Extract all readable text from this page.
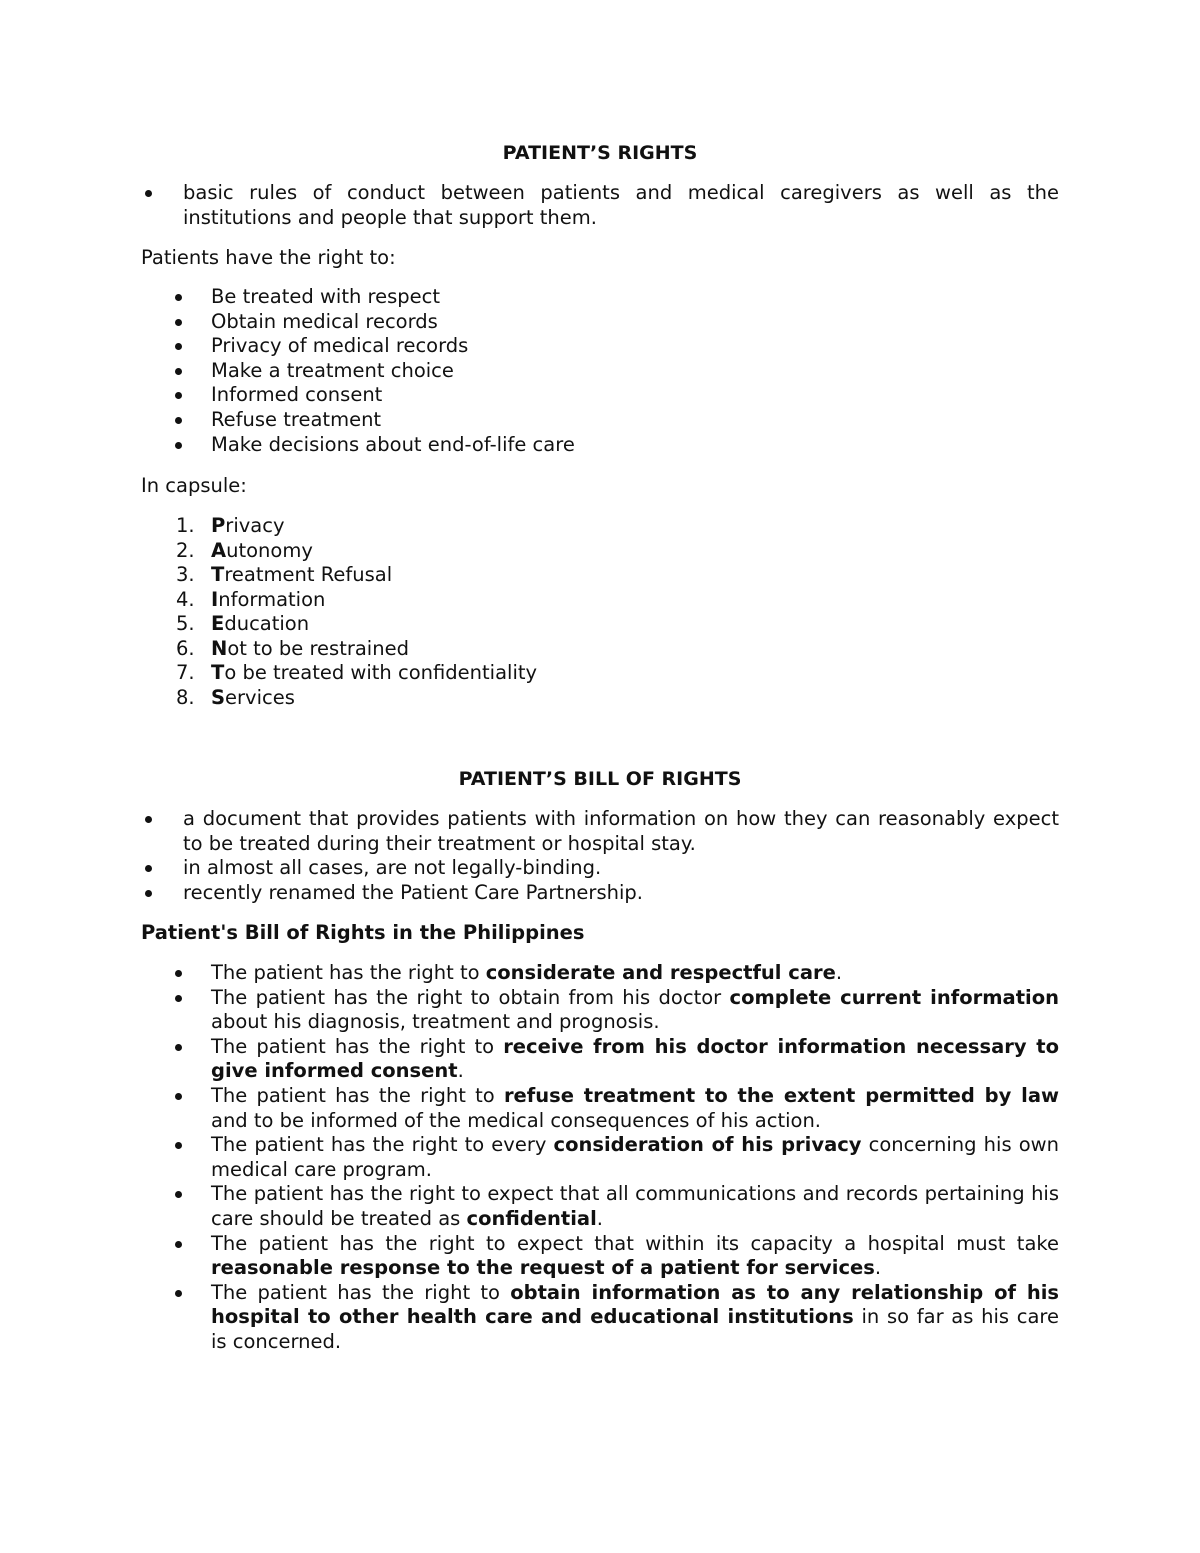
PATIENT’S RIGHTS
basic rules of conduct between patients and medical caregivers as well as the institutions and people that support them.
Patients have the right to:
Be treated with respect
Obtain medical records
Privacy of medical records
Make a treatment choice
Informed consent
Refuse treatment
Make decisions about end-of-life care
In capsule:
1. Privacy
2. Autonomy
3. Treatment Refusal
4. Information
5. Education
6. Not to be restrained
7. To be treated with confidentiality
8. Services
PATIENT’S BILL OF RIGHTS
a document that provides patients with information on how they can reasonably expect to be treated during their treatment or hospital stay.
in almost all cases, are not legally-binding.
recently renamed the Patient Care Partnership.
Patient's Bill of Rights in the Philippines
The patient has the right to considerate and respectful care.
The patient has the right to obtain from his doctor complete current information about his diagnosis, treatment and prognosis.
The patient has the right to receive from his doctor information necessary to give informed consent.
The patient has the right to refuse treatment to the extent permitted by law and to be informed of the medical consequences of his action.
The patient has the right to every consideration of his privacy concerning his own medical care program.
The patient has the right to expect that all communications and records pertaining his care should be treated as confidential.
The patient has the right to expect that within its capacity a hospital must take reasonable response to the request of a patient for services.
The patient has the right to obtain information as to any relationship of his hospital to other health care and educational institutions in so far as his care is concerned.
